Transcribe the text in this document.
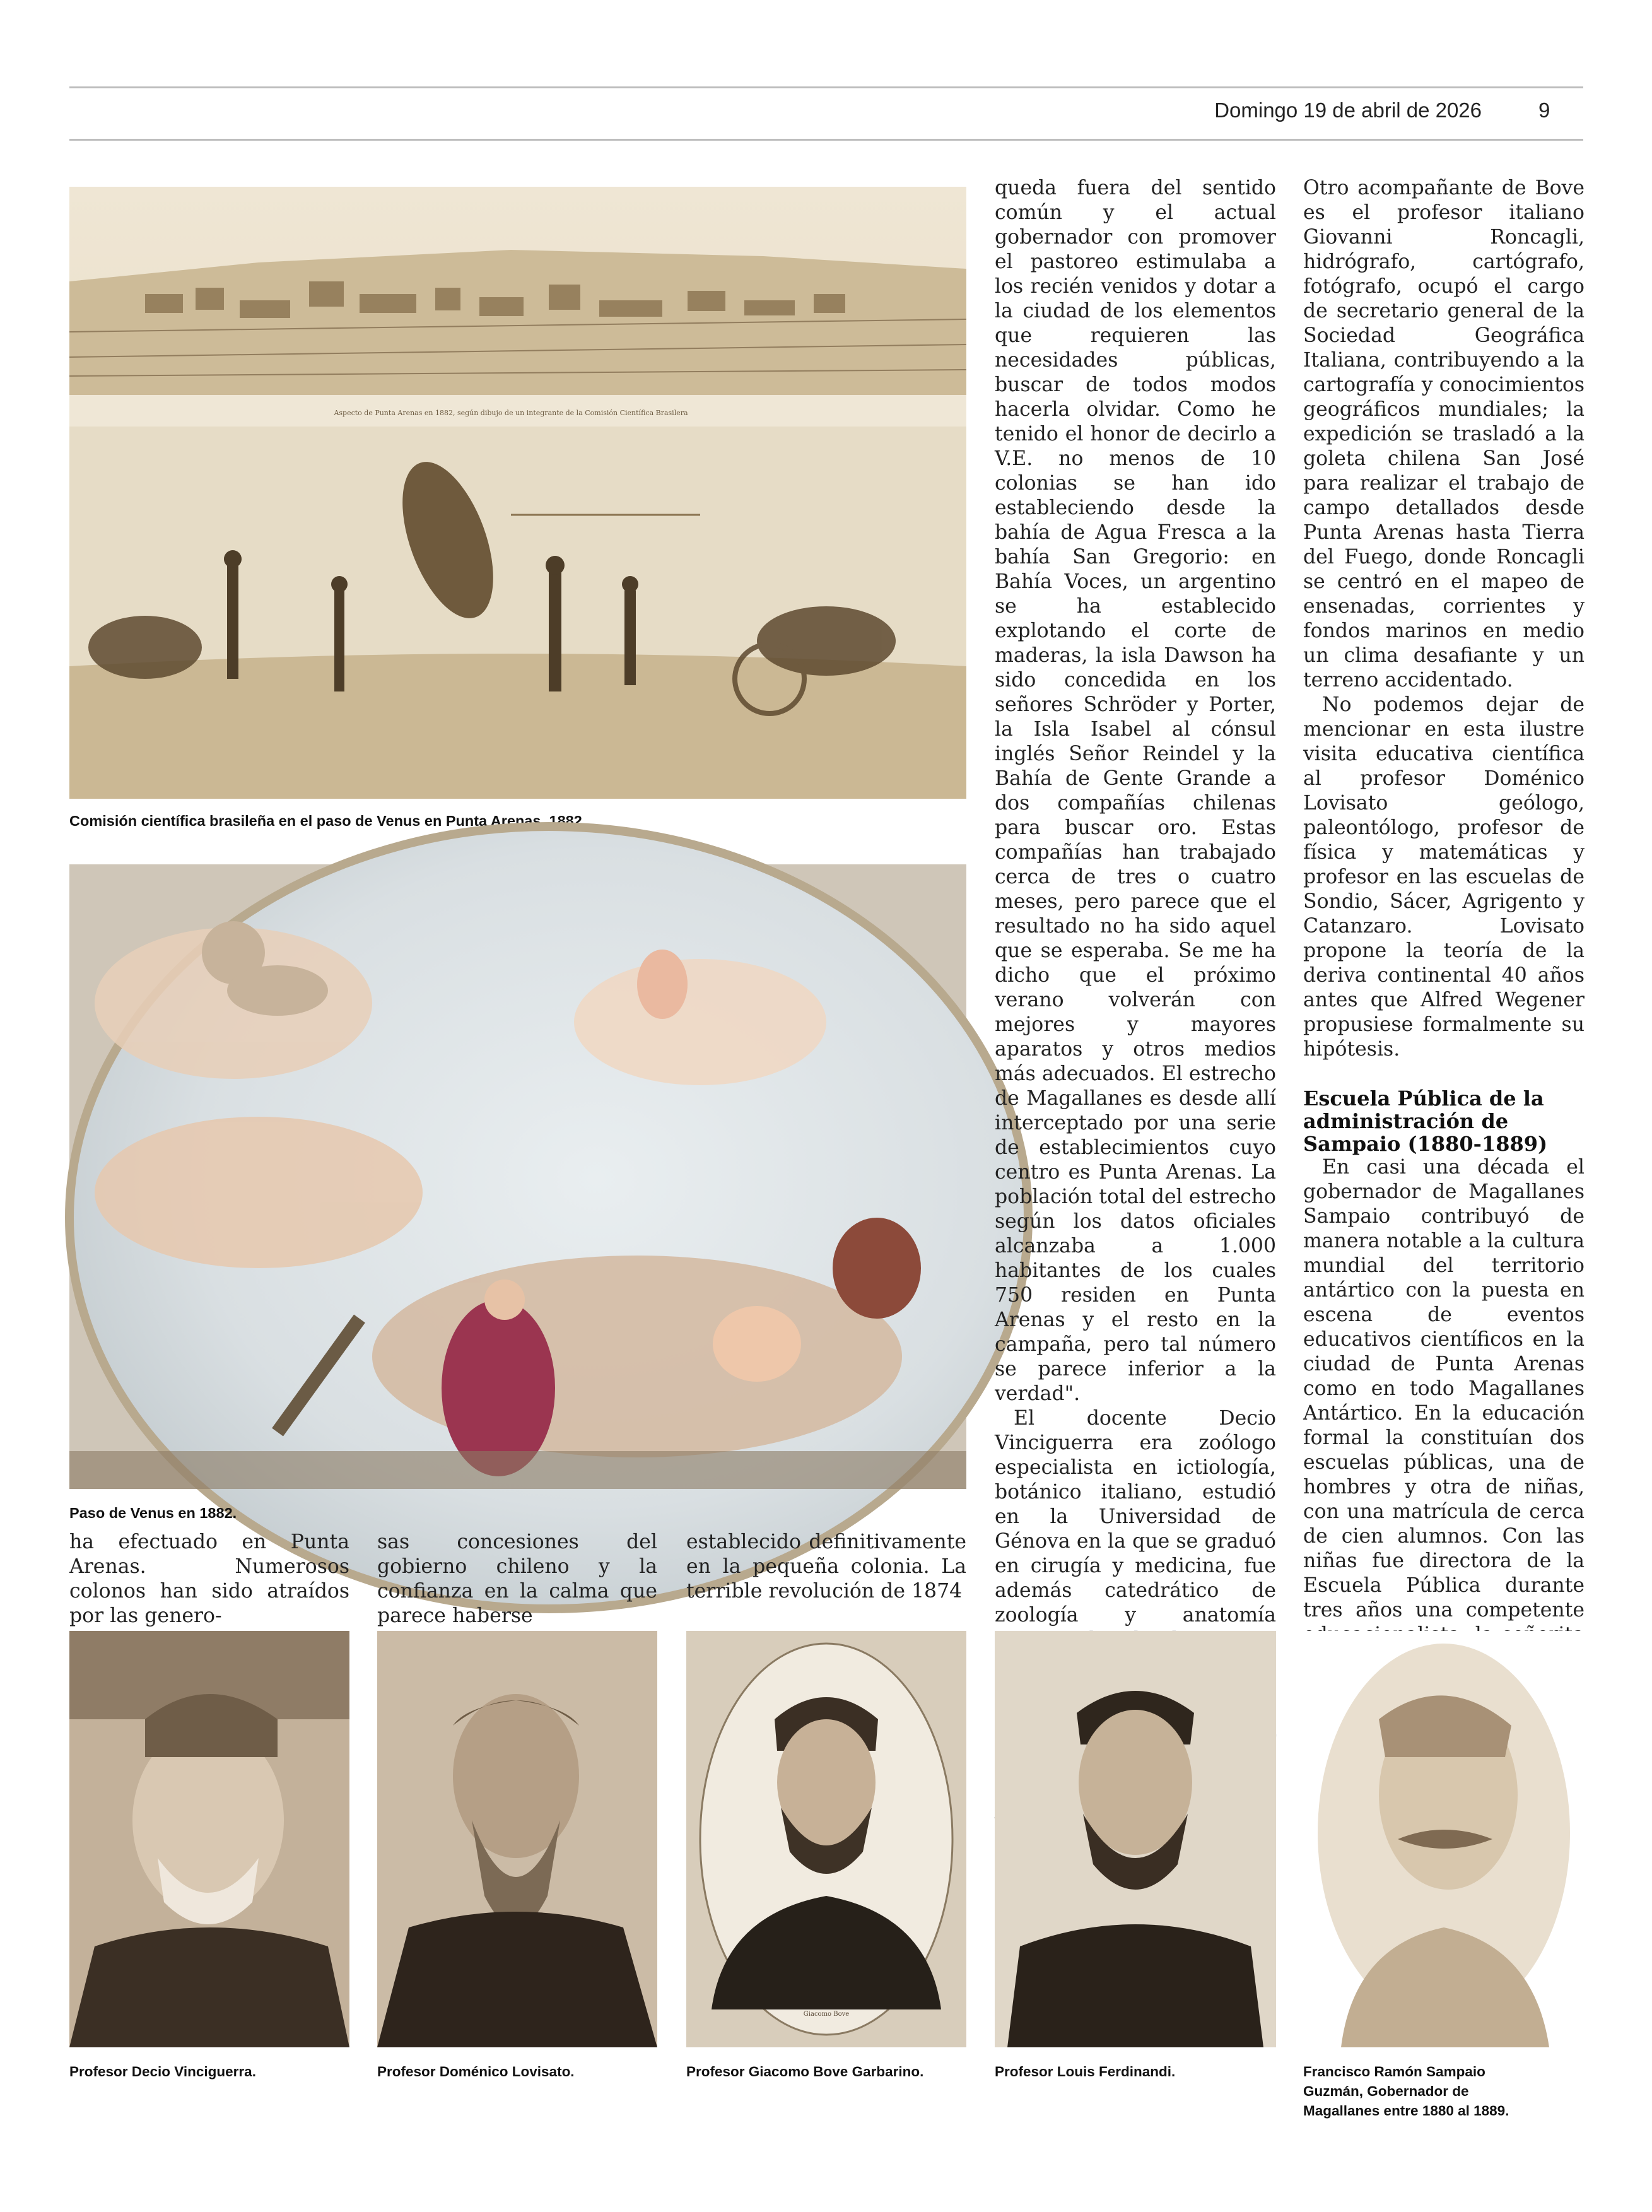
Domingo 19 de abril de 2026	9
Aspecto de Punta Arenas en 1882, según dibujo de un integrante de la Comisión Científica Brasilera
Comisión científica brasileña en el paso de Venus en Punta Arenas, 1882.
Paso de Venus en 1882.

queda fuera del sentido común y el actual gobernador con promover el pastoreo estimulaba a los recién venidos y dotar a la ciudad de los elementos que requieren las necesidades públicas, buscar de todos modos hacerla olvidar. Como he tenido el honor de decirlo a V.E. no menos de 10 colonias se han ido estableciendo desde la bahía de Agua Fresca a la bahía San Gregorio: en Bahía Voces, un argentino se ha establecido explotando el corte de maderas, la isla Dawson ha sido concedida en los señores Schröder y Porter, la Isla Isabel al cónsul inglés Señor Reindel y la Bahía de Gente Grande a dos compañías chilenas para buscar oro. Estas compañías han trabajado cerca de tres o cuatro meses, pero parece que el resultado no ha sido aquel que se esperaba. Se me ha dicho que el próximo verano volverán con mejores y mayores aparatos y otros medios más adecuados. El estrecho de Magallanes es desde allí interceptado por una serie de establecimientos cuyo centro es Punta Arenas. La población total del estrecho según los datos oficiales alcanzaba a 1.000 habitantes de los cuales 750 residen en Punta Arenas y el resto en la campaña, pero tal número se parece inferior a la verdad".

El docente Decio Vinciguerra era zoólogo especialista en ictiología, botánico italiano, estudió en la Universidad de Génova en la que se graduó en cirugía y medicina, fue además catedrático de zoología y anatomía

Otro acompañante de Bove es el profesor italiano Giovanni Roncagli, hidrógrafo, cartógrafo, fotógrafo, ocupó el cargo de secretario general de la Sociedad Geográfica Italiana, contribuyendo a la cartografía y conocimientos geográficos mundiales; la expedición se trasladó a la goleta chilena San José para realizar el trabajo de campo detallados desde Punta Arenas hasta Tierra del Fuego, donde Roncagli se centró en el mapeo de ensenadas, corrientes y fondos marinos en medio un clima desafiante y un terreno accidentado.

No podemos dejar de mencionar en esta ilustre visita educativa científica al profesor Doménico Lovisato geólogo, paleontólogo, profesor de física y matemáticas y profesor en las escuelas de Sondio, Sácer, Agrigento y Catanzaro. Lovisato propone la teoría de la deriva continental 40 años antes que Alfred Wegener propusiese formalmente su hipótesis.

Escuela Pública de la administración de Sampaio (1880-1889)

En casi una década el gobernador de Magallanes Sampaio contribuyó de manera notable a la cultura mundial del territorio antártico con la puesta en escena de eventos educativos científicos en la ciudad de Punta Arenas como en todo Magallanes Antártico. En la educación formal la constituían dos escuelas públicas, una de hombres y otra de niñas, con una matrícula de cerca de cien alumnos. Con las niñas fue directora de la Escuela Pública durante tres años una competente

ha efectuado en Punta Arenas. Numerosos colonos han sido atraídos por las genero-
sas concesiones del gobierno chileno y la confianza en la calma que parece haberse
establecido definitivamente en la pequeña colonia. La terrible revolución de 1874
Giacomo Bove
Profesor Decio Vinciguerra.	Profesor Doménico Lovisato.	Profesor Giacomo Bove Garbarino.	Profesor Louis Ferdinandi.	Francisco Ramón Sampaio Guzmán, Gobernador de Magallanes entre 1880 al 1889.
